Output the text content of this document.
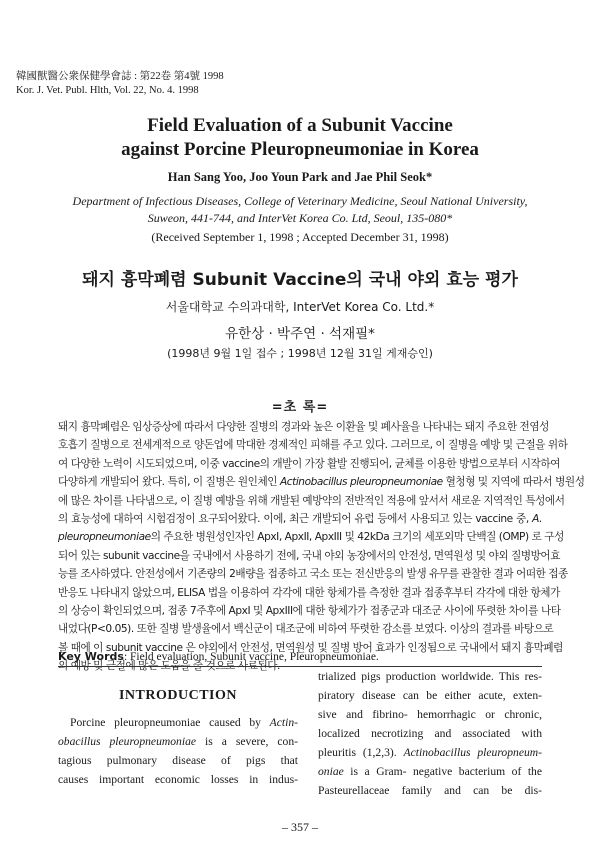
韓國獸醫公衆保健學會誌 : 第22卷 第4號 1998
Kor. J. Vet. Publ. Hlth, Vol. 22, No. 4. 1998
Field Evaluation of a Subunit Vaccine
against Porcine Pleuropneumoniae in Korea
Han Sang Yoo, Joo Youn Park and Jae Phil Seok*
Department of Infectious Diseases, College of Veterinary Medicine, Seoul National University,
Suweon, 441-744, and InterVet Korea Co. Ltd, Seoul, 135-080*
(Received September 1, 1998 ; Accepted December 31, 1998)
돼지 흉막폐렴 Subunit Vaccine의 국내 야외 효능 평가
서울대학교 수의과대학, InterVet Korea Co. Ltd.*
유한상 · 박주연 · 석재필*
(1998년 9월 1일 접수 ; 1998년 12월 31일 게재승인)
=초 록=
돼지 흉막폐렴은 임상증상에 따라서 다양한 질병의 경과와 높은 이환율 및 폐사율을 나타내는 돼지 주요한 전염성
호흡기 질병으로 전세계적으로 양돈업에 막대한 경제적인 피해를 주고 있다. 그러므로, 이 질병을 예방 및 근절을 위하
여 다양한 노력이 시도되었으며, 이중 vaccine의 개발이 가장 활발 진행되어, 균체를 이용한 방법으로부터 시작하여
다양하게 개발되어 왔다. 특히, 이 질병은 원인체인 Actinobacillus pleuropneumoniae 혈청형 및 지역에 따라서 병원성
에 많은 차이를 나타냄으로, 이 질병 예방을 위해 개발된 예방약의 전반적인 적용에 앞서서 새로운 지역적인 특성에서
의 효능성에 대하여 시험검정이 요구되어왔다. 이에, 최근 개발되어 유럽 등에서 사용되고 있는 vaccine 중, A.
pleuropneumoniae의 주요한 병원성인자인 ApxI, ApxII, ApxIII 및 42kDa 크기의 세포외막 단백질 (OMP) 로 구성
되어 있는 subunit vaccine을 국내에서 사용하기 전에, 국내 야외 농장에서의 안전성, 면역원성 및 야외 질병방어효
능를 조사하였다. 안전성에서 기존량의 2배량을 접종하고 국소 또는 전신반응의 발생 유무를 관찰한 결과 어떠한 접종
반응도 나타내지 않았으며, ELISA 법을 이용하여 각각에 대한 항체가를 측정한 결과 접종후부터 각각에 대한 항체가
의 상승이 확인되었으며, 접종 7주후에 ApxI 및 ApxIII에 대한 항체가가 접종군과 대조군 사이에 뚜렷한 차이를 나타
내었다(P<0.05). 또한 질병 발생율에서 백신군이 대조군에 비하여 뚜렷한 감소를 보였다. 이상의 결과를 바탕으로
볼 때에 이 subunit vaccine 은 야외에서 안전성, 면역원성 및 질병 방어 효과가 인정됨으로 국내에서 돼지 흉막폐렴
의 예방 및 근절에 많은 도움을 줄 것으로 사료된다.
Key Words: Field evaluation, Subunit vaccine, Pleuropneumoniae.
INTRODUCTION
Porcine pleuropneumoniae caused by Actin-
obacillus pleuropneumoniae is a severe, con-
tagious pulmonary disease of pigs that
causes important economic losses in indus-
trialized pigs production worldwide. This res-
piratory disease can be either acute, exten-
sive and fibrino- hemorrhagic or chronic,
localized necrotizing and associated with
pleuritis (1,2,3). Actinobacillus pleuropneum-
oniae is a Gram- negative bacterium of the
Pasteurellaceae family and can be dis-
– 357 –
